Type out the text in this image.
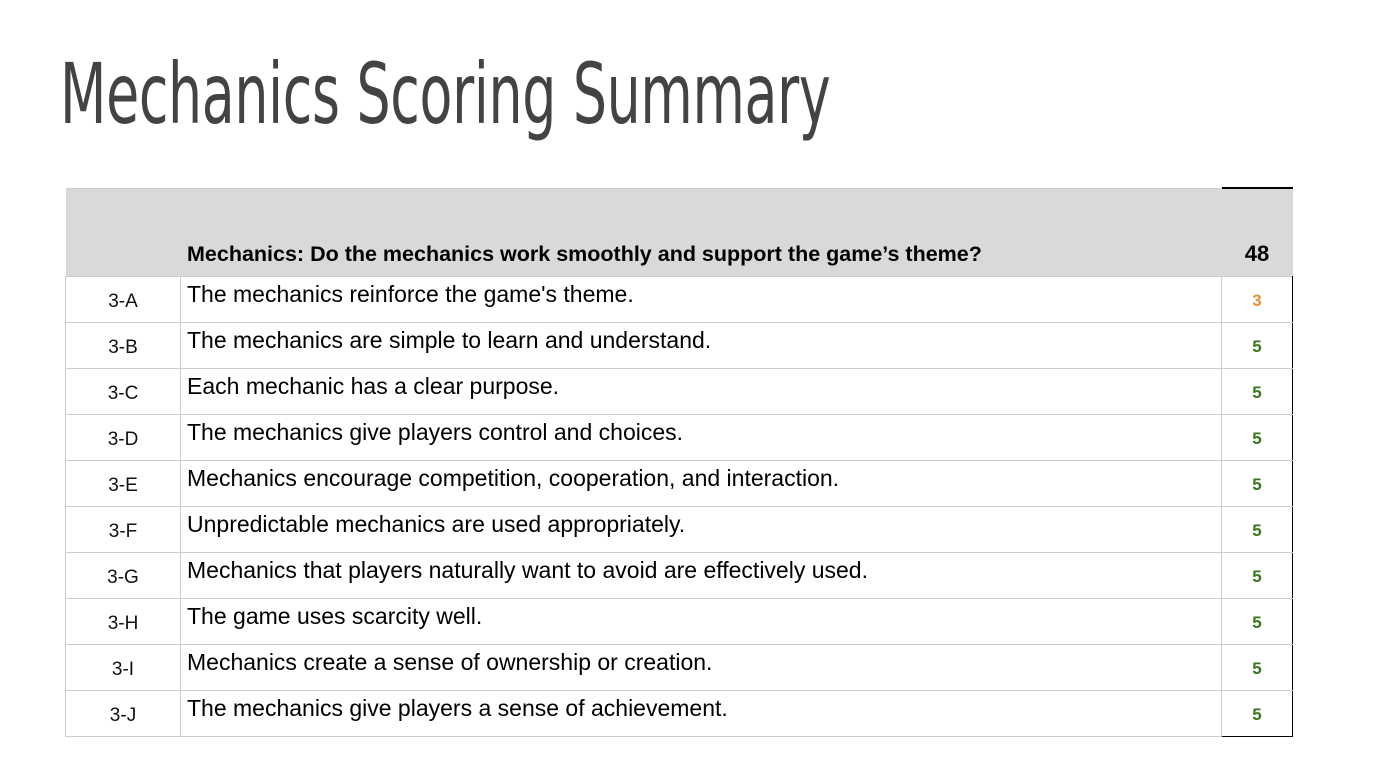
Mechanics Scoring Summary
	Mechanics: Do the mechanics work smoothly and support the game’s theme?	48
3-A	The mechanics reinforce the game's theme.	3
3-B	The mechanics are simple to learn and understand.	5
3-C	Each mechanic has a clear purpose.	5
3-D	The mechanics give players control and choices.	5
3-E	Mechanics encourage competition, cooperation, and interaction.	5
3-F	Unpredictable mechanics are used appropriately.	5
3-G	Mechanics that players naturally want to avoid are effectively used.	5
3-H	The game uses scarcity well.	5
3-I	Mechanics create a sense of ownership or creation.	5
3-J	The mechanics give players a sense of achievement.	5
